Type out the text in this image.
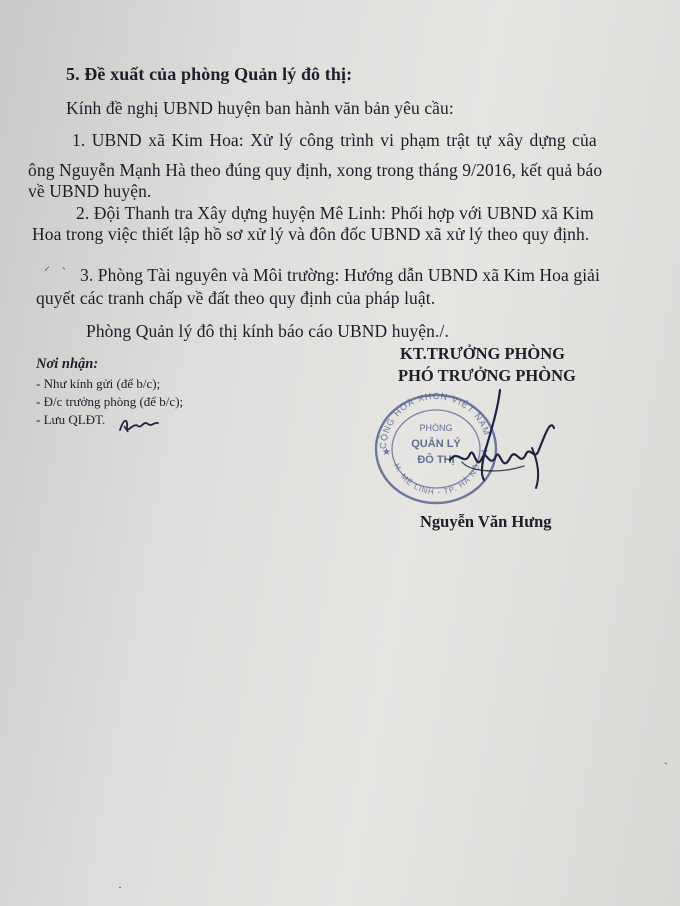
5. Đề xuất của phòng Quản lý đô thị:
Kính đề nghị UBND huyện ban hành văn bản yêu cầu:
1. UBND xã Kim Hoa: Xử lý công trình vi phạm trật tự xây dựng của
ông Nguyễn Mạnh Hà theo đúng quy định, xong trong tháng 9/2016, kết quả báo
về UBND huyện.
2. Đội Thanh tra Xây dựng huyện Mê Linh: Phối hợp với UBND xã Kim
Hoa trong việc thiết lập hồ sơ xử lý và đôn đốc UBND xã xử lý theo quy định.
⸍
ˏ
3. Phòng Tài nguyên và Môi trường: Hướng dẫn UBND xã Kim Hoa giải
quyết các tranh chấp về đất theo quy định của pháp luật.
Phòng Quản lý đô thị kính báo cáo UBND huyện./.
Nơi nhận:
- Như kính gửi (để b/c);
- Đ/c trưởng phòng (để b/c);
- Lưu QLĐT.
KT.TRƯỞNG PHÒNG
PHÓ TRƯỞNG PHÒNG
CỘNG HOÀ XHCN VIỆT NAM
H. MÊ LINH - TP. HÀ NỘ
★	★
PHÒNG
QUẢN LÝ
ĐÔ THỊ
Nguyễn Văn Hưng
·
ˋ
